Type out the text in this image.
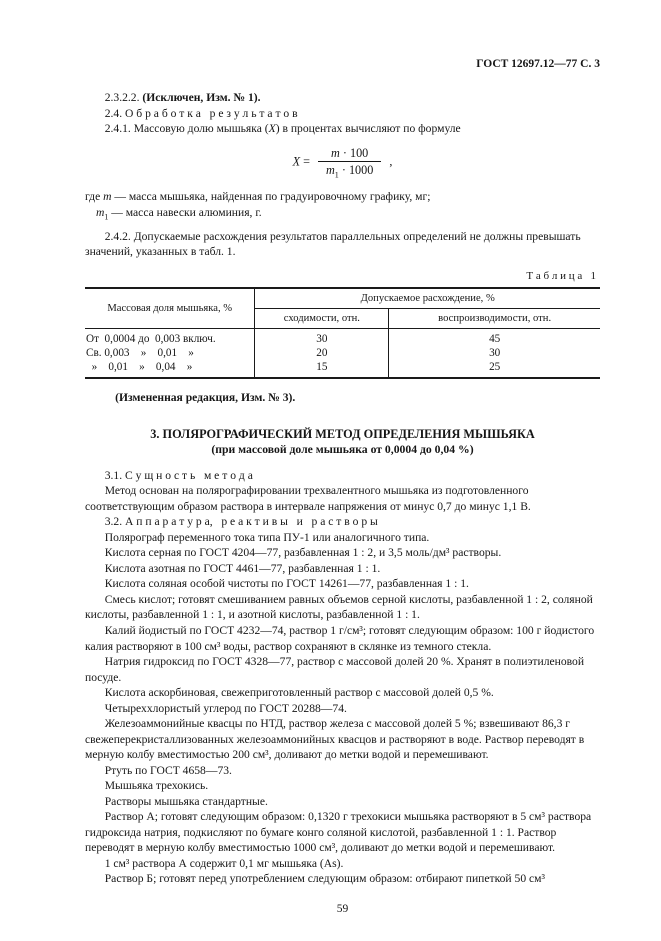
ГОСТ 12697.12—77 С. 3

2.3.2.2. (Исключен, Изм. № 1).

2.4. О б р а б о т к а   р е з у л ь т а т о в

2.4.1. Массовую долю мышьяка (X) в процентах вычисляют по формуле

$X = \frac{m \cdot 100}{m_1 \cdot 1000}$ ,

где m — масса мышьяка, найденная по градуировочному графику, мг;

$m_1$ — масса навески алюминия, г.

2.4.2. Допускаемые расхождения результатов параллельных определений не должны превышать значений, указанных в табл. 1.

Т а б л и ц а   1
Массовая доля мышьяка, %	Допускаемое расхождение, %	
	сходимости, отн.	воспроизводимости, отн.
От  0,0004 до  0,003 включ.	30	45
Св. 0,003    »    0,01    »	20	30
»    0,01    »    0,04    »	15	25

(Измененная редакция, Изм. № 3).

3. ПОЛЯРОГРАФИЧЕСКИЙ МЕТОД ОПРЕДЕЛЕНИЯ МЫШЬЯКА
(при массовой доле мышьяка от 0,0004 до 0,04 %)

3.1. С у щ н о с т ь   м е т о д а

Метод основан на полярографировании трехвалентного мышьяка из подготовленного соответствующим образом раствора в интервале напряжения от минус 0,7 до минус 1,1 В.

3.2. А п п а р а т у р а,   р е а к т и в ы   и   р а с т в о р ы

Полярограф переменного тока типа ПУ-1 или аналогичного типа.

Кислота серная по ГОСТ 4204—77, разбавленная 1 : 2, и 3,5 моль/дм³ растворы.

Кислота азотная по ГОСТ 4461—77, разбавленная 1 : 1.

Кислота соляная особой чистоты по ГОСТ 14261—77, разбавленная 1 : 1.

Смесь кислот; готовят смешиванием равных объемов серной кислоты, разбавленной 1 : 2, соляной кислоты, разбавленной 1 : 1, и азотной кислоты, разбавленной 1 : 1.

Калий йодистый по ГОСТ 4232—74, раствор 1 г/см³; готовят следующим образом: 100 г йодистого калия растворяют в 100 см³ воды, раствор сохраняют в склянке из темного стекла.

Натрия гидроксид по ГОСТ 4328—77, раствор с массовой долей 20 %. Хранят в полиэтиленовой посуде.

Кислота аскорбиновая, свежеприготовленный раствор с массовой долей 0,5 %.

Четыреххлористый углерод по ГОСТ 20288—74.

Железоаммонийные квасцы по НТД, раствор железа с массовой долей 5 %; взвешивают 86,3 г свежеперекристаллизованных железоаммонийных квасцов и растворяют в воде. Раствор переводят в мерную колбу вместимостью 200 см³, доливают до метки водой и перемешивают.

Ртуть по ГОСТ 4658—73.

Мышьяка трехокись.

Растворы мышьяка стандартные.

Раствор А; готовят следующим образом: 0,1320 г трехокиси мышьяка растворяют в 5 см³ раствора гидроксида натрия, подкисляют по бумаге конго соляной кислотой, разбавленной 1 : 1. Раствор переводят в мерную колбу вместимостью 1000 см³, доливают до метки водой и перемешивают.

1 см³ раствора А содержит 0,1 мг мышьяка (As).

Раствор Б; готовят перед употреблением следующим образом: отбирают пипеткой 50 см³

59
